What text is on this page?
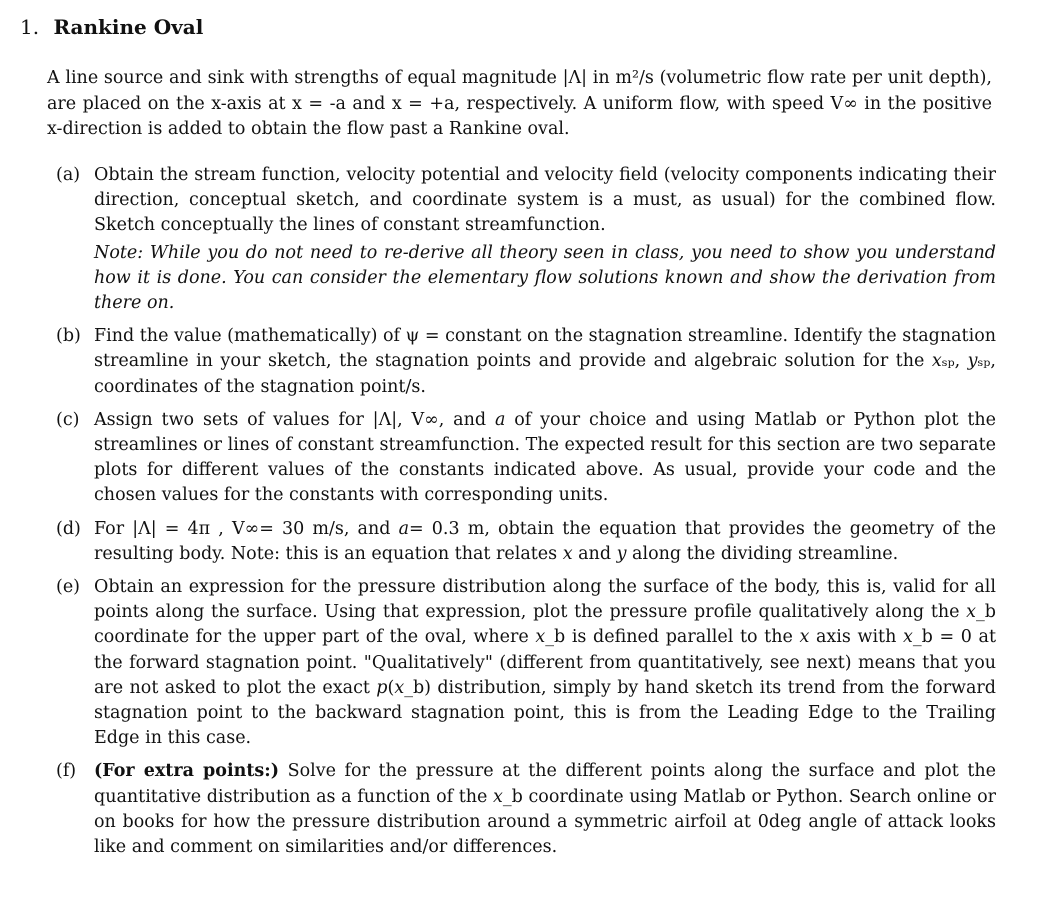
1. Rankine Oval

A line source and sink with strengths of equal magnitude |Λ| in m²/s (volumetric flow rate per unit depth), are placed on the x-axis at x = -a and x = +a, respectively. A uniform flow, with speed V∞ in the positive x-direction is added to obtain the flow past a Rankine oval.

(a) Obtain the stream function, velocity potential and velocity field (velocity components indicating their direction, conceptual sketch, and coordinate system is a must, as usual) for the combined flow. Sketch conceptually the lines of constant streamfunction.
Note: While you do not need to re-derive all theory seen in class, you need to show you understand how it is done. You can consider the elementary flow solutions known and show the derivation from there on.
(b) Find the value (mathematically) of ψ = constant on the stagnation streamline. Identify the stagnation streamline in your sketch, the stagnation points and provide and algebraic solution for the 𝑥ₛₚ, 𝑦ₛₚ, coordinates of the stagnation point/s.
(c) Assign two sets of values for |Λ|, V∞, and 𝑎 of your choice and using Matlab or Python plot the streamlines or lines of constant streamfunction. The expected result for this section are two separate plots for different values of the constants indicated above. As usual, provide your code and the chosen values for the constants with corresponding units.
(d) For |Λ| = 4π , V∞= 30 m/s, and 𝑎= 0.3 m, obtain the equation that provides the geometry of the resulting body. Note: this is an equation that relates 𝑥 and 𝑦 along the dividing streamline.
(e) Obtain an expression for the pressure distribution along the surface of the body, this is, valid for all points along the surface. Using that expression, plot the pressure profile qualitatively along the 𝑥_b coordinate for the upper part of the oval, where 𝑥_b is defined parallel to the 𝑥 axis with 𝑥_b = 0 at the forward stagnation point. "Qualitatively" (different from quantitatively, see next) means that you are not asked to plot the exact 𝑝(𝑥_b) distribution, simply by hand sketch its trend from the forward stagnation point to the backward stagnation point, this is from the Leading Edge to the Trailing Edge in this case.
(f)	(For extra points:) Solve for the pressure at the different points along the surface and plot the quantitative distribution as a function of the 𝑥_b coordinate using Matlab or Python. Search online or on books for how the pressure distribution around a symmetric airfoil at 0deg angle of attack looks like and comment on similarities and/or differences.
